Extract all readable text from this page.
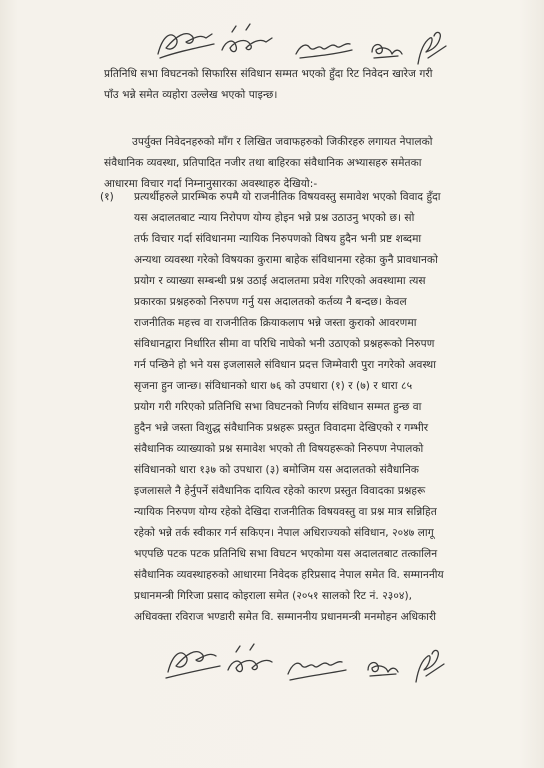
प्रतिनिधि सभा विघटनको सिफारिस संविधान सम्मत भएको हुँदा रिट निवेदन खारेज गरी
पाँउ भन्ने समेत व्यहोरा उल्लेख भएको पाइन्छ।
उपर्युक्त निवेदनहरुको माँग र लिखित जवाफहरुको जिकीरहरु लगायत नेपालको
संवैधानिक व्यवस्था, प्रतिपादित नजीर तथा बाहिरका संवैधानिक अभ्यासहरु समेतका
आधारमा विचार गर्दा निम्नानुसारका अवस्थाहरु देखियो:-
(१) प्रत्यर्थीहरुले प्रारम्भिक रुपमै यो राजनीतिक विषयवस्तु समावेश भएको विवाद हुँदा
यस अदालतबाट न्याय निरोपण योग्य होइन भन्ने प्रश्न उठाउनु भएको छ। सो
तर्फ विचार गर्दा संविधानमा न्यायिक निरुपणको विषय हुदैन भनी प्रष्ट शब्दमा
अन्यथा व्यवस्था गरेको विषयका कुरामा बाहेक संविधानमा रहेका कुनै प्रावधानको
प्रयोग र व्याख्या सम्बन्धी प्रश्न उठाई अदालतमा प्रवेश गरिएको अवस्थामा त्यस
प्रकारका प्रश्नहरुको निरुपण गर्नु यस अदालतको कर्तव्य नै बन्दछ। केवल
राजनीतिक महत्त्व वा राजनीतिक क्रियाकलाप भन्ने जस्ता कुराको आवरणमा
संविधानद्वारा निर्धारित सीमा वा परिधि नाघेको भनी उठाएको प्रश्नहरूको निरुपण
गर्न पन्छिने हो भने यस इजलासले संविधान प्रदत्त जिम्मेवारी पुरा नगरेको अवस्था
सृजना हुन जान्छ। संविधानको धारा ७६ को उपधारा (१) र (७) र धारा ८५
प्रयोग गरी गरिएको प्रतिनिधि सभा विघटनको निर्णय संविधान सम्मत हुन्छ वा
हुदैन भन्ने जस्ता विशुद्ध संवैधानिक प्रश्नहरू प्रस्तुत विवादमा देखिएको र गम्भीर
संवैधानिक व्याख्याको प्रश्न समावेश भएको ती विषयहरूको निरुपण नेपालको
संविधानको धारा १३७ को उपधारा (३) बमोजिम यस अदालतको संवैधानिक
इजलासले नै हेर्नुपर्ने संवैधानिक दायित्व रहेको कारण प्रस्तुत विवादका प्रश्नहरू
न्यायिक निरुपण योग्य रहेको देखिदा राजनीतिक विषयवस्तु वा प्रश्न मात्र सन्निहित
रहेको भन्ने तर्क स्वीकार गर्न सकिएन। नेपाल अधिराज्यको संविधान, २०४७ लागू
भएपछि पटक पटक प्रतिनिधि सभा विघटन भएकोमा यस अदालतबाट तत्कालिन
संवैधानिक व्यवस्थाहरुको आधारमा निवेदक हरिप्रसाद नेपाल समेत वि. सम्माननीय
प्रधानमन्त्री गिरिजा प्रसाद कोइराला समेत (२०५१ सालको रिट नं. २३०४),
अधिवक्ता रविराज भण्डारी समेत वि. सम्माननीय प्रधानमन्त्री मनमोहन अधिकारी
